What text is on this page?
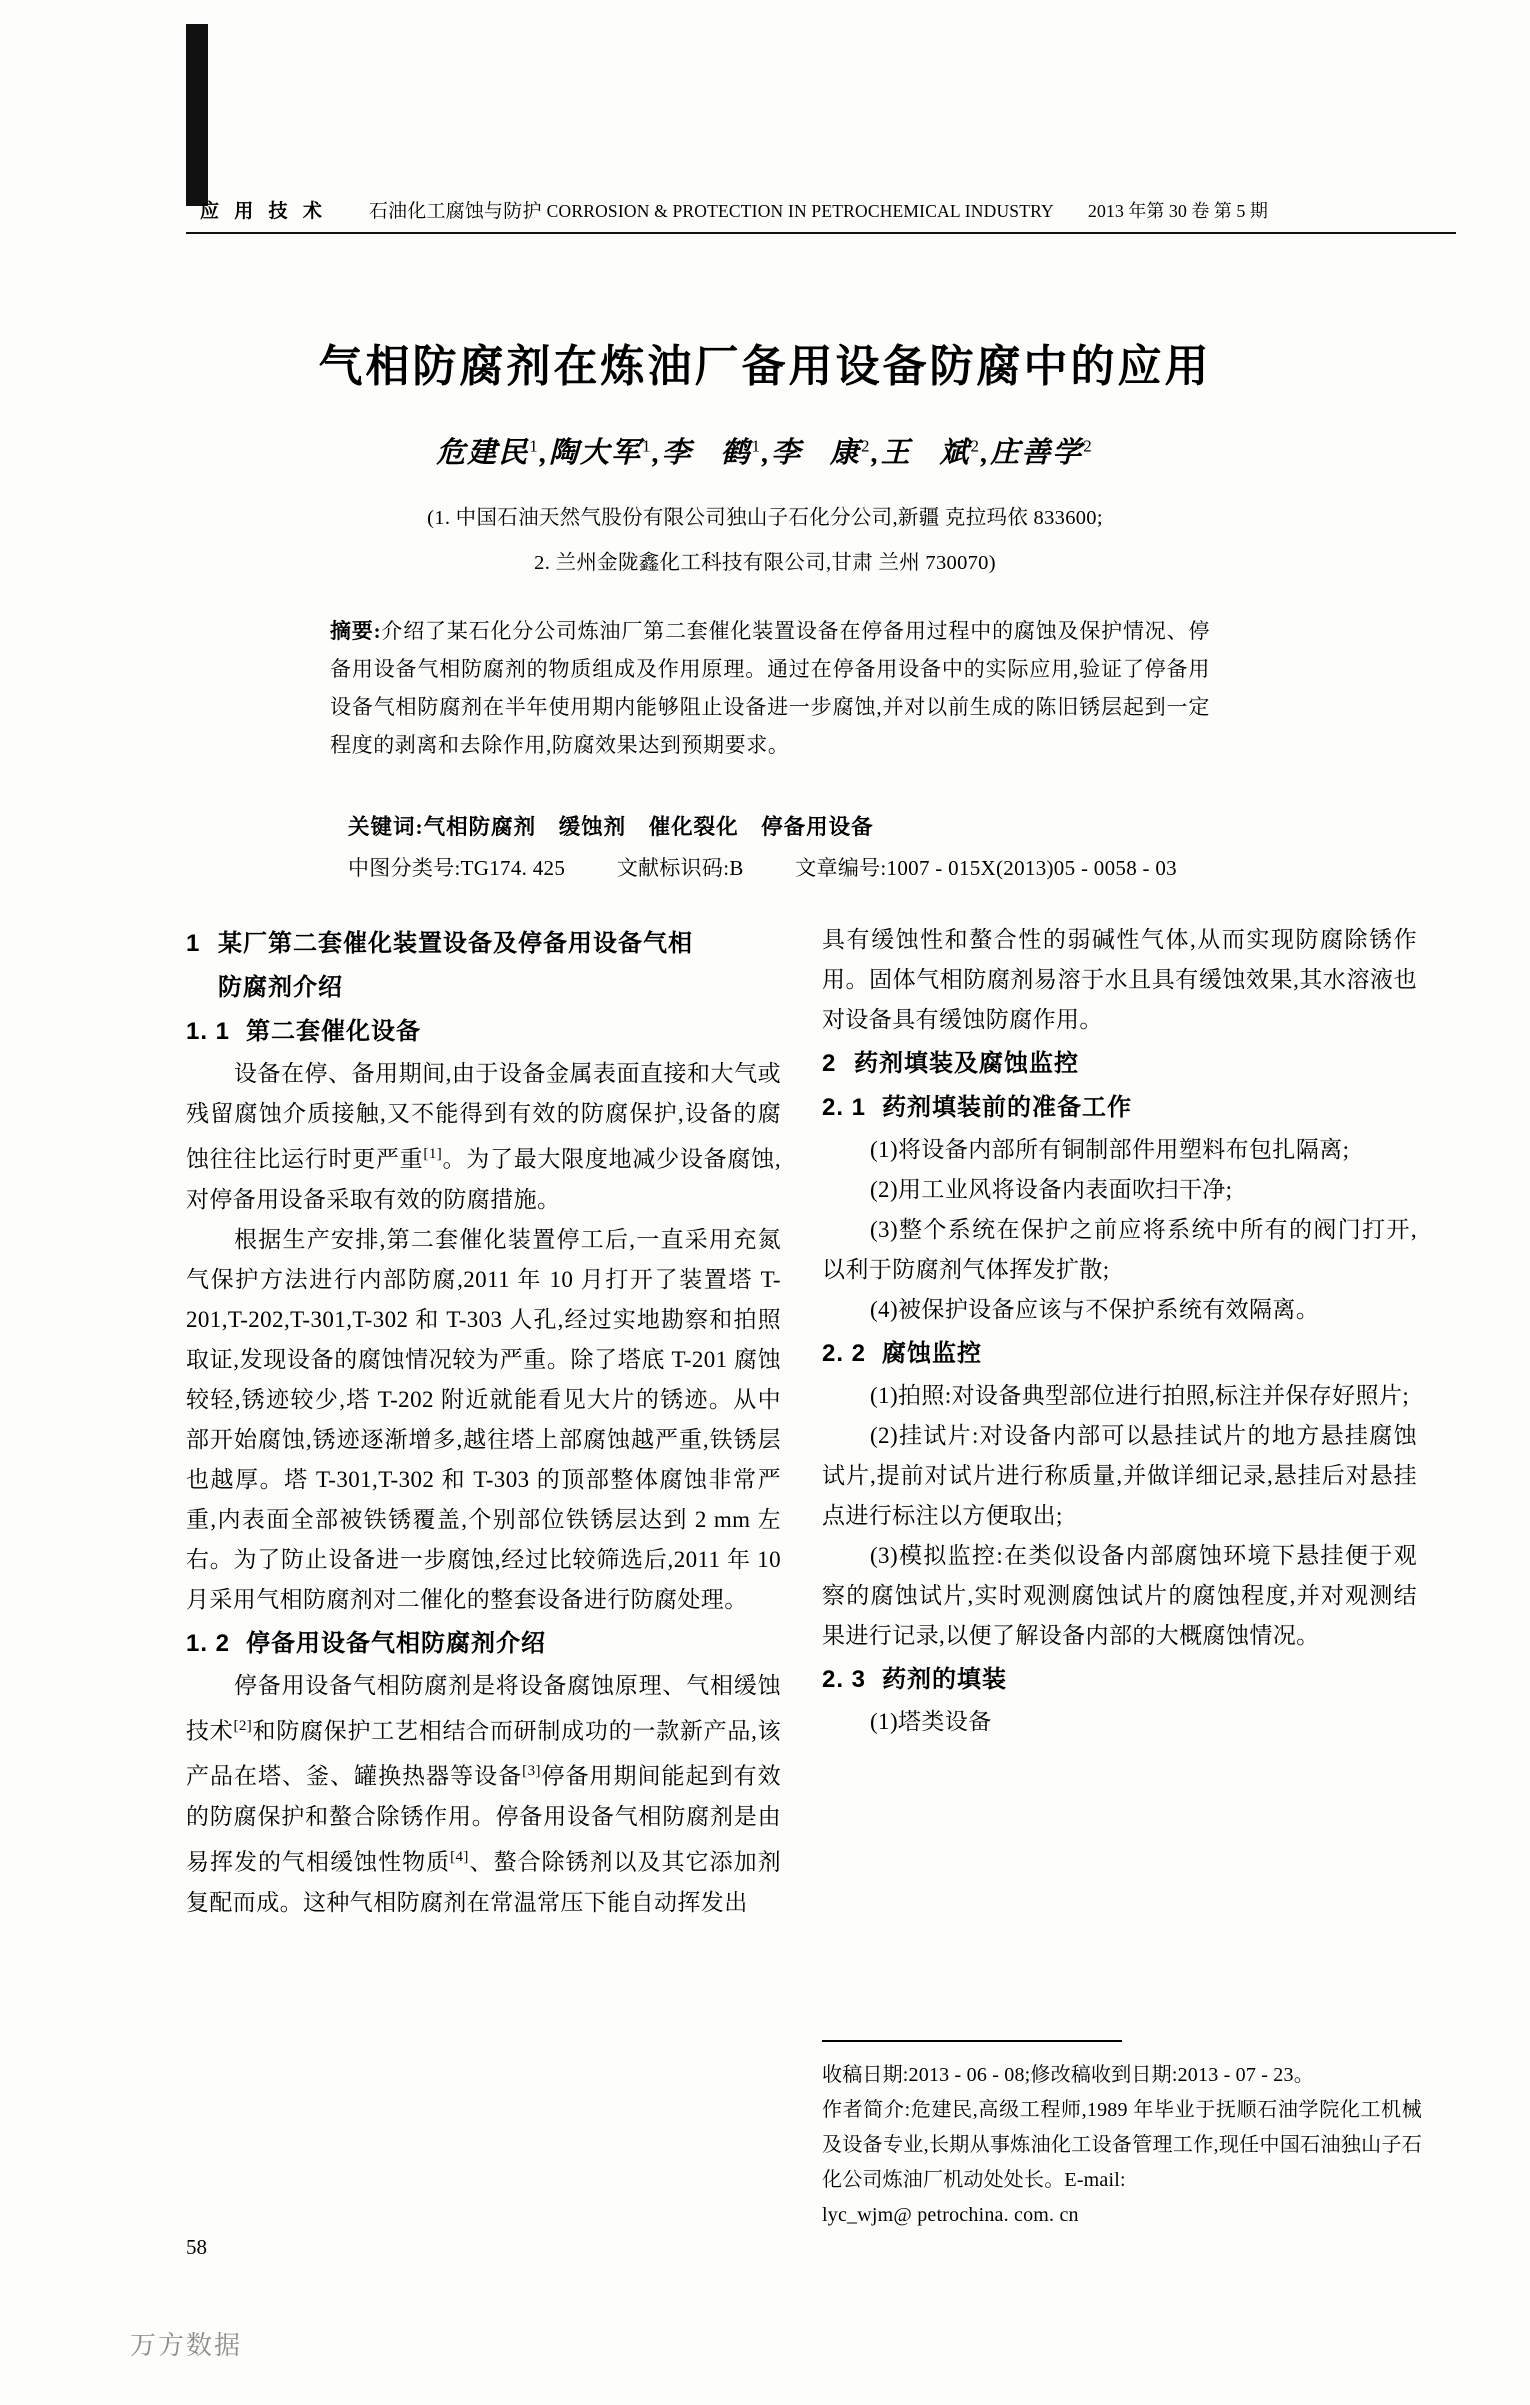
应 用 技 术 石油化工腐蚀与防护 CORROSION & PROTECTION IN PETROCHEMICAL INDUSTRY 2013 年第 30 卷 第 5 期
气相防腐剂在炼油厂备用设备防腐中的应用
危建民$^1$,陶大军$^1$,李   鹤$^1$,李   康$^2$,王   斌$^2$,庄善学$^2$
(1. 中国石油天然气股份有限公司独山子石化分公司,新疆 克拉玛依 833600;
2. 兰州金陇鑫化工科技有限公司,甘肃 兰州 730070)
摘要:介绍了某石化分公司炼油厂第二套催化装置设备在停备用过程中的腐蚀及保护情况、停备用设备气相防腐剂的物质组成及作用原理。通过在停备用设备中的实际应用,验证了停备用设备气相防腐剂在半年使用期内能够阻止设备进一步腐蚀,并对以前生成的陈旧锈层起到一定程度的剥离和去除作用,防腐效果达到预期要求。
关键词:气相防腐剂　缓蚀剂　催化裂化　停备用设备
中图分类号:TG174. 425 文献标识码:B 文章编号:1007 - 015X(2013)05 - 0058 - 03
1 某厂第二套催化装置设备及停备用设备气相
防腐剂介绍
1. 1 第二套催化设备

设备在停、备用期间,由于设备金属表面直接和大气或残留腐蚀介质接触,又不能得到有效的防腐保护,设备的腐蚀往往比运行时更严重[1]。为了最大限度地减少设备腐蚀,对停备用设备采取有效的防腐措施。

根据生产安排,第二套催化装置停工后,一直采用充氮气保护方法进行内部防腐,2011 年 10 月打开了装置塔 T-201,T-202,T-301,T-302 和 T-303 人孔,经过实地勘察和拍照取证,发现设备的腐蚀情况较为严重。除了塔底 T-201 腐蚀较轻,锈迹较少,塔 T-202 附近就能看见大片的锈迹。从中部开始腐蚀,锈迹逐渐增多,越往塔上部腐蚀越严重,铁锈层也越厚。塔 T-301,T-302 和 T-303 的顶部整体腐蚀非常严重,内表面全部被铁锈覆盖,个别部位铁锈层达到 2 mm 左右。为了防止设备进一步腐蚀,经过比较筛选后,2011 年 10 月采用气相防腐剂对二催化的整套设备进行防腐处理。

1. 2 停备用设备气相防腐剂介绍

停备用设备气相防腐剂是将设备腐蚀原理、气相缓蚀技术[2]和防腐保护工艺相结合而研制成功的一款新产品,该产品在塔、釜、罐换热器等设备[3]停备用期间能起到有效的防腐保护和螯合除锈作用。停备用设备气相防腐剂是由易挥发的气相缓蚀性物质[4]、螯合除锈剂以及其它添加剂复配而成。这种气相防腐剂在常温常压下能自动挥发出

具有缓蚀性和螯合性的弱碱性气体,从而实现防腐除锈作用。固体气相防腐剂易溶于水且具有缓蚀效果,其水溶液也对设备具有缓蚀防腐作用。

2 药剂填装及腐蚀监控
2. 1 药剂填装前的准备工作

(1)将设备内部所有铜制部件用塑料布包扎隔离;

(2)用工业风将设备内表面吹扫干净;

(3)整个系统在保护之前应将系统中所有的阀门打开,以利于防腐剂气体挥发扩散;

(4)被保护设备应该与不保护系统有效隔离。

2. 2 腐蚀监控

(1)拍照:对设备典型部位进行拍照,标注并保存好照片;

(2)挂试片:对设备内部可以悬挂试片的地方悬挂腐蚀试片,提前对试片进行称质量,并做详细记录,悬挂后对悬挂点进行标注以方便取出;

(3)模拟监控:在类似设备内部腐蚀环境下悬挂便于观察的腐蚀试片,实时观测腐蚀试片的腐蚀程度,并对观测结果进行记录,以便了解设备内部的大概腐蚀情况。

2. 3 药剂的填装

(1)塔类设备

收稿日期:2013 - 06 - 08;修改稿收到日期:2013 - 07 - 23。
作者简介:危建民,高级工程师,1989 年毕业于抚顺石油学院化工机械及设备专业,长期从事炼油化工设备管理工作,现任中国石油独山子石化公司炼油厂机动处处长。E-mail:
lyc_wjm@ petrochina. com. cn
58
万方数据
